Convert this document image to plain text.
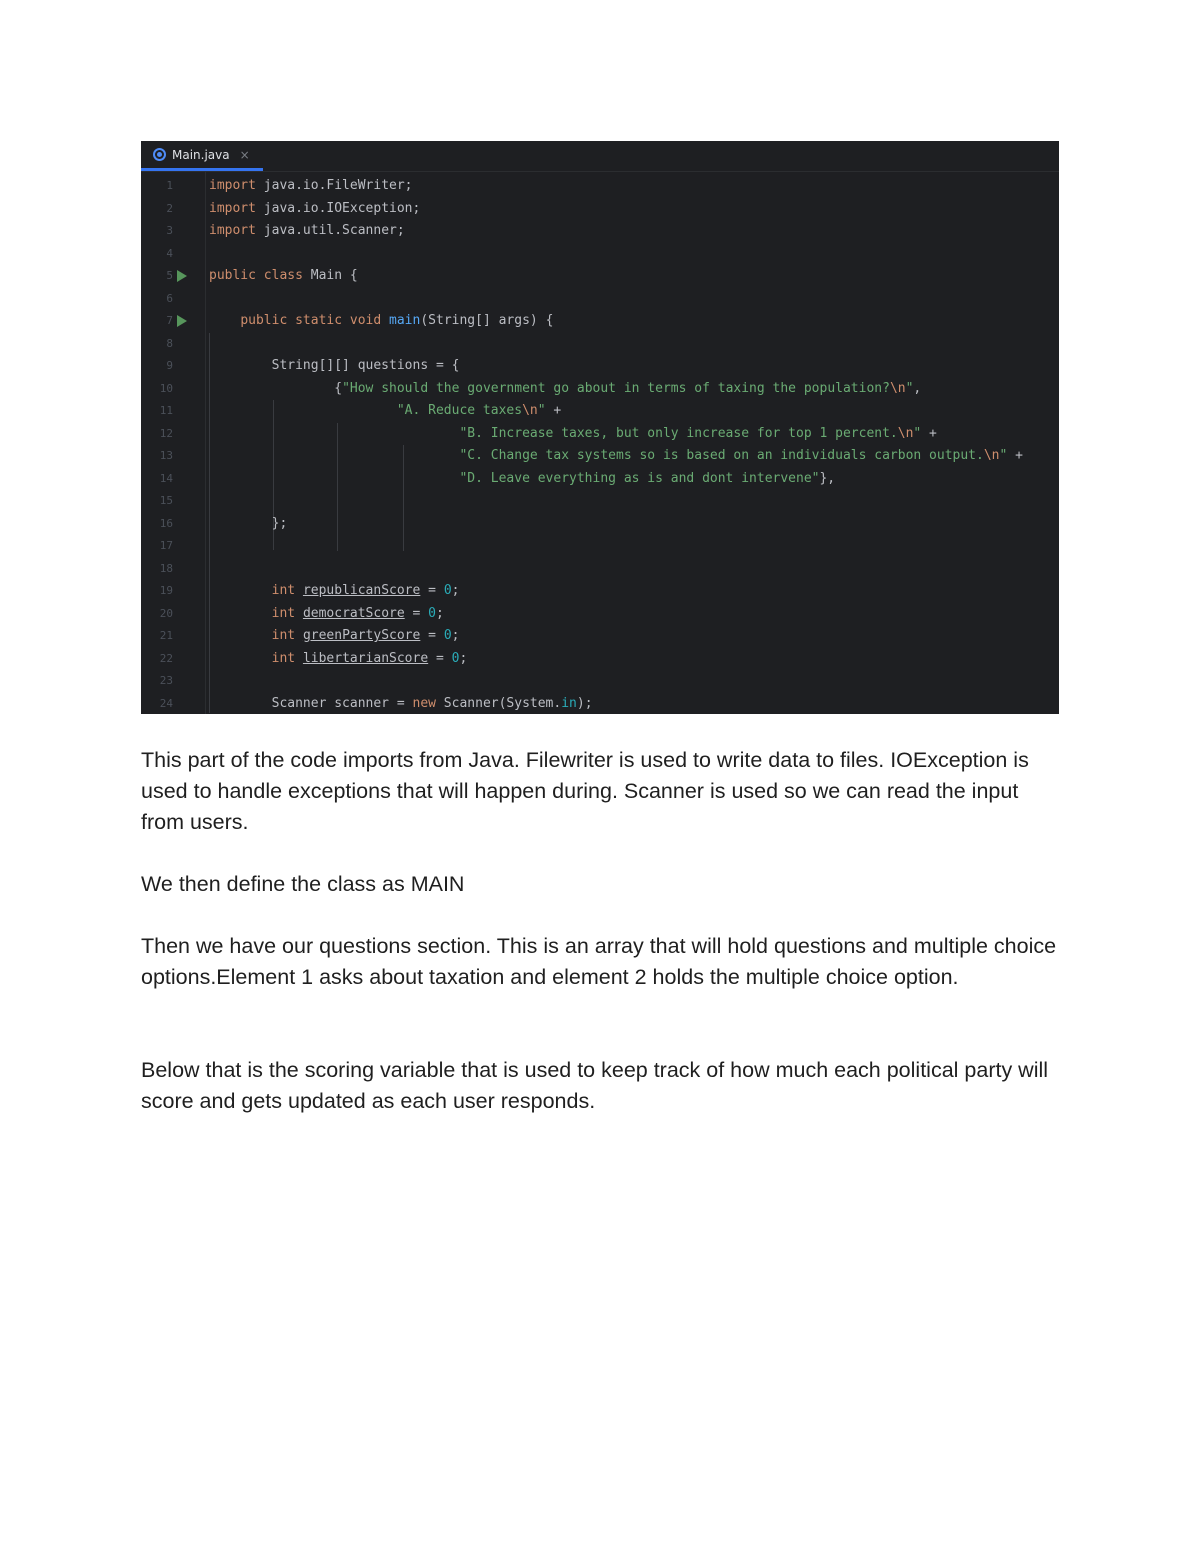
Main.java ×
1	import java.io.FileWriter;
2	import java.io.IOException;
3	import java.util.Scanner;
4
5	public class Main {
6
7	public static void main(String[] args) {
8
9	String[][] questions = {
10	{"How should the government go about in terms of taxing the population?\n",
11	"A. Reduce taxes\n" +
12	"B. Increase taxes, but only increase for top 1 percent.\n" +
13	"C. Change tax systems so is based on an individuals carbon output.\n" +
14	"D. Leave everything as is and dont intervene"},
15
16	};
17
18
19	int republicanScore = 0;
20	int democratScore = 0;
21	int greenPartyScore = 0;
22	int libertarianScore = 0;
23
24	Scanner scanner = new Scanner(System.in);

This part of the code imports from Java. Filewriter is used to write data to files. IOException is used to handle exceptions that will happen during. Scanner is used so we can read the input from users.

We then define the class as MAIN

Then we have our questions section. This is an array that will hold questions and multiple choice options.Element 1 asks about taxation and element 2 holds the multiple choice option.

Below that is the scoring variable that is used to keep track of how much each political party will score and gets updated as each user responds.
